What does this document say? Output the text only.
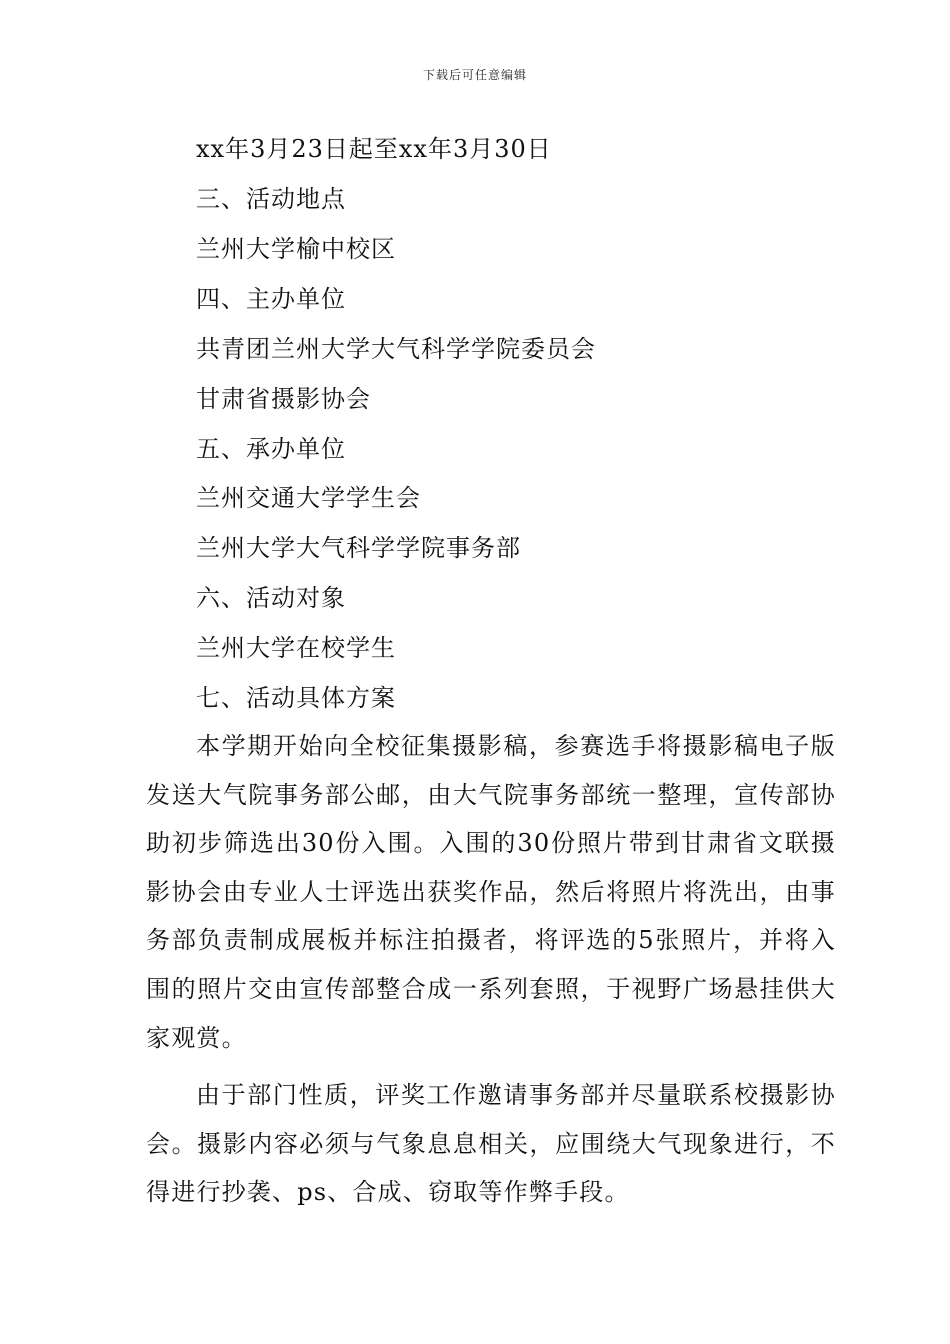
下载后可任意编辑
xx年3月23日起至xx年3月30日
三、活动地点
兰州大学榆中校区
四、主办单位
共青团兰州大学大气科学学院委员会
甘肃省摄影协会
五、承办单位
兰州交通大学学生会
兰州大学大气科学学院事务部
六、活动对象
兰州大学在校学生
七、活动具体方案
本学期开始向全校征集摄影稿，参赛选手将摄影稿电子版发送大气院事务部公邮，由大气院事务部统一整理，宣传部协助初步筛选出30份入围。入围的30份照片带到甘肃省文联摄影协会由专业人士评选出获奖作品，然后将照片将洗出，由事务部负责制成展板并标注拍摄者，将评选的5张照片，并将入围的照片交由宣传部整合成一系列套照，于视野广场悬挂供大家观赏。
由于部门性质，评奖工作邀请事务部并尽量联系校摄影协会。摄影内容必须与气象息息相关，应围绕大气现象进行，不得进行抄袭、ps、合成、窃取等作弊手段。
